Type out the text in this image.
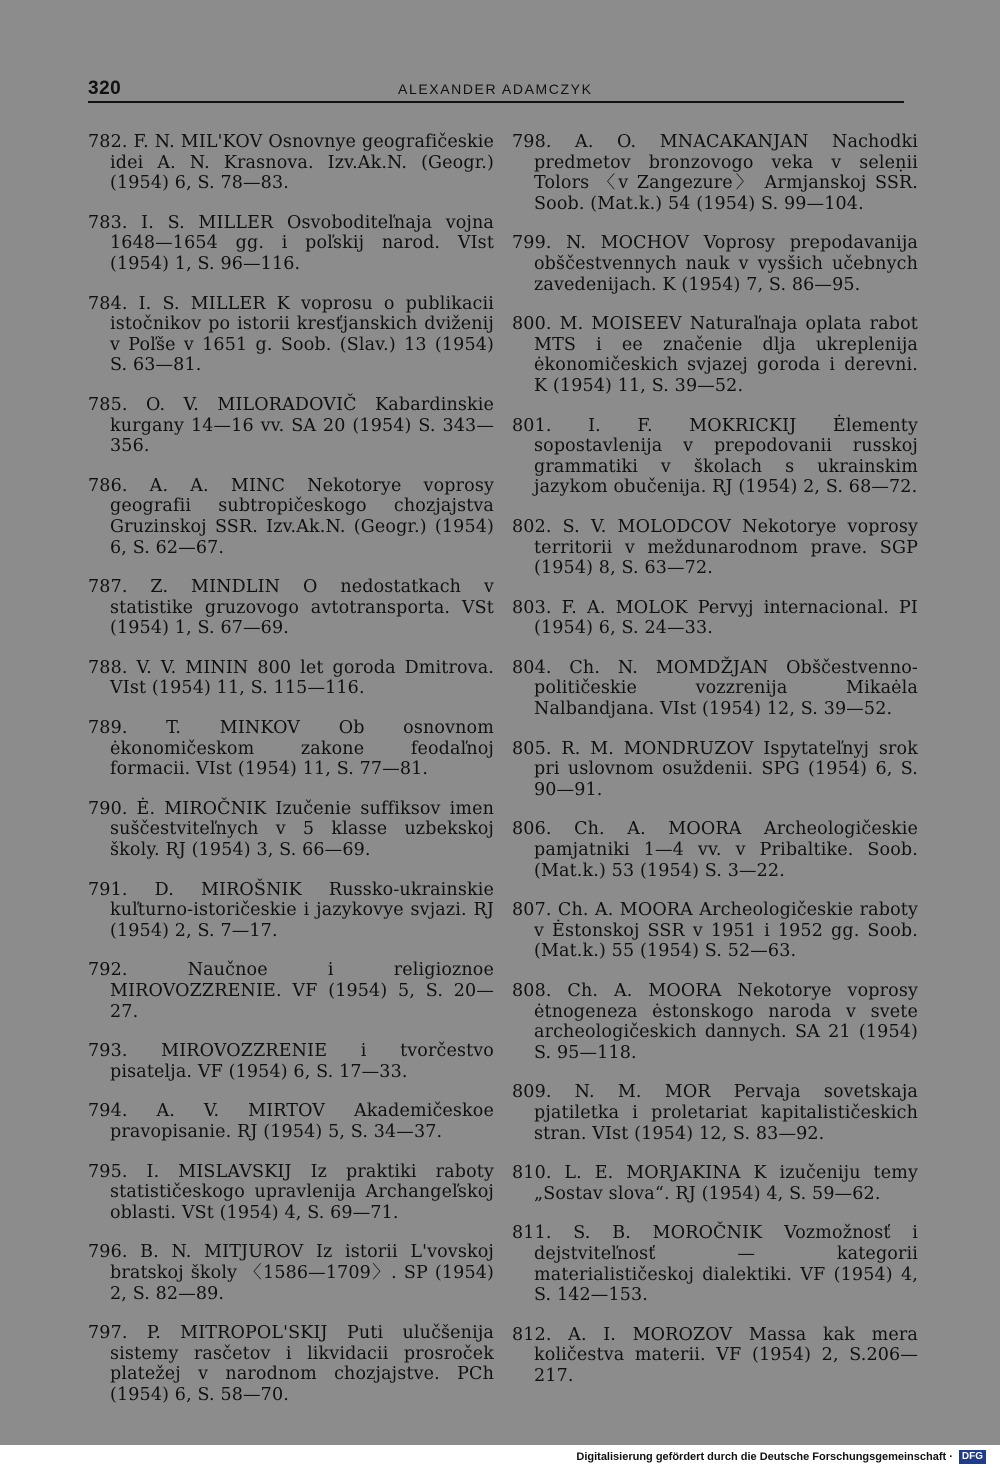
320	ALEXANDER ADAMCZYK

782. F. N. MIL'KOV Osnovnye geografičeskie idei A. N. Krasnova. Izv.Ak.N. (Geogr.) (1954) 6, S. 78—83.

783. I. S. MILLER Osvoboditeľnaja vojna 1648—1654 gg. i poľskij narod. VIst (1954) 1, S. 96—116.

784. I. S. MILLER K voprosu o publikacii istočnikov po istorii kresťjanskich dviženij v Poľše v 1651 g. Soob. (Slav.) 13 (1954) S. 63—81.

785. O. V. MILORADOVIČ Kabardinskie kurgany 14—16 vv. SA 20 (1954) S. 343—356.

786. A. A. MINC Nekotorye voprosy geografii subtropičeskogo chozjajstva Gruzinskoj SSR. Izv.Ak.N. (Geogr.) (1954) 6, S. 62—67.

787. Z. MINDLIN O nedostatkach v statistike gruzovogo avtotransporta. VSt (1954) 1, S. 67—69.

788. V. V. MININ 800 let goroda Dmitrova. VIst (1954) 11, S. 115—116.

789. T. MINKOV Ob osnovnom ėkonomičeskom zakone feodaľnoj formacii. VIst (1954) 11, S. 77—81.

790. Ė. MIROČNIK Izučenie suffiksov imen suščestviteľnych v 5 klasse uzbekskoj školy. RJ (1954) 3, S. 66—69.

791. D. MIROŠNIK Russko-ukrainskie kuľturno-istoričeskie i jazykovye svjazi. RJ (1954) 2, S. 7—17.

792. Naučnoe i religioznoe MIROVOZZRENIE. VF (1954) 5, S. 20—27.

793. MIROVOZZRENIE i tvorčestvo pisatelja. VF (1954) 6, S. 17—33.

794. A. V. MIRTOV Akademičeskoe pravopisanie. RJ (1954) 5, S. 34—37.

795. I. MISLAVSKIJ Iz praktiki raboty statističeskogo upravlenija Archangeľskoj oblasti. VSt (1954) 4, S. 69—71.

796. B. N. MITJUROV Iz istorii L'vovskoj bratskoj školy 〈1586—1709〉. SP (1954) 2, S. 82—89.

797. P. MITROPOL'SKIJ Puti ulučšenija sistemy rasčetov i likvidacii prosroček platežej v narodnom chozjajstve. PCh (1954) 6, S. 58—70.

798. A. O. MNACAKANJAN Nachodki predmetov bronzovogo veka v seleṇii Tolors 〈v Zangezure〉 Armjanskoj SSR. Soob. (Mat.k.) 54 (1954) S. 99—104.

799. N. MOCHOV Voprosy prepodavanija obščestvennych nauk v vysšich učebnych zavedenijach. K (1954) 7, S. 86—95.

800. M. MOISEEV Naturaľnaja oplata rabot MTS i ee značenie dlja ukreplenija ėkonomičeskich svjazej goroda i derevni. K (1954) 11, S. 39—52.

801. I. F. MOKRICKIJ Ėlementy sopostavlenija v prepodovanii russkoj grammatiki v školach s ukrainskim jazykom obučenija. RJ (1954) 2, S. 68—72.

802. S. V. MOLODCOV Nekotorye voprosy territorii v meždunarodnom prave. SGP (1954) 8, S. 63—72.

803. F. A. MOLOK Pervyj internacional. PI (1954) 6, S. 24—33.

804. Ch. N. MOMDŽJAN Obščestvenno-političeskie vozzrenija Mikaėla Nalbandjana. VIst (1954) 12, S. 39—52.

805. R. M. MONDRUZOV Ispytateľnyj srok pri uslovnom osuždenii. SPG (1954) 6, S. 90—91.

806. Ch. A. MOORA Archeologičeskie pamjatniki 1—4 vv. v Pribaltike. Soob. (Mat.k.) 53 (1954) S. 3—22.

807. Ch. A. MOORA Archeologičeskie raboty v Ėstonskoj SSR v 1951 i 1952 gg. Soob. (Mat.k.) 55 (1954) S. 52—63.

808. Ch. A. MOORA Nekotorye voprosy ėtnogeneza ėstonskogo naroda v svete archeologičeskich dannych. SA 21 (1954) S. 95—118.

809. N. M. MOR Pervaja sovetskaja pjatiletka i proletariat kapitalističeskich stran. VIst (1954) 12, S. 83—92.

810. L. E. MORJAKINA K izučeniju temy „Sostav slova“. RJ (1954) 4, S. 59—62.

811. S. B. MOROČNIK Vozmožnosť i dejstviteľnosť — kategorii materialističeskoj dialektiki. VF (1954) 4, S. 142—153.

812. A. I. MOROZOV Massa kak mera količestva materii. VF (1954) 2, S.206—217.

Digitalisierung gefördert durch die Deutsche Forschungsgemeinschaft · DFG
